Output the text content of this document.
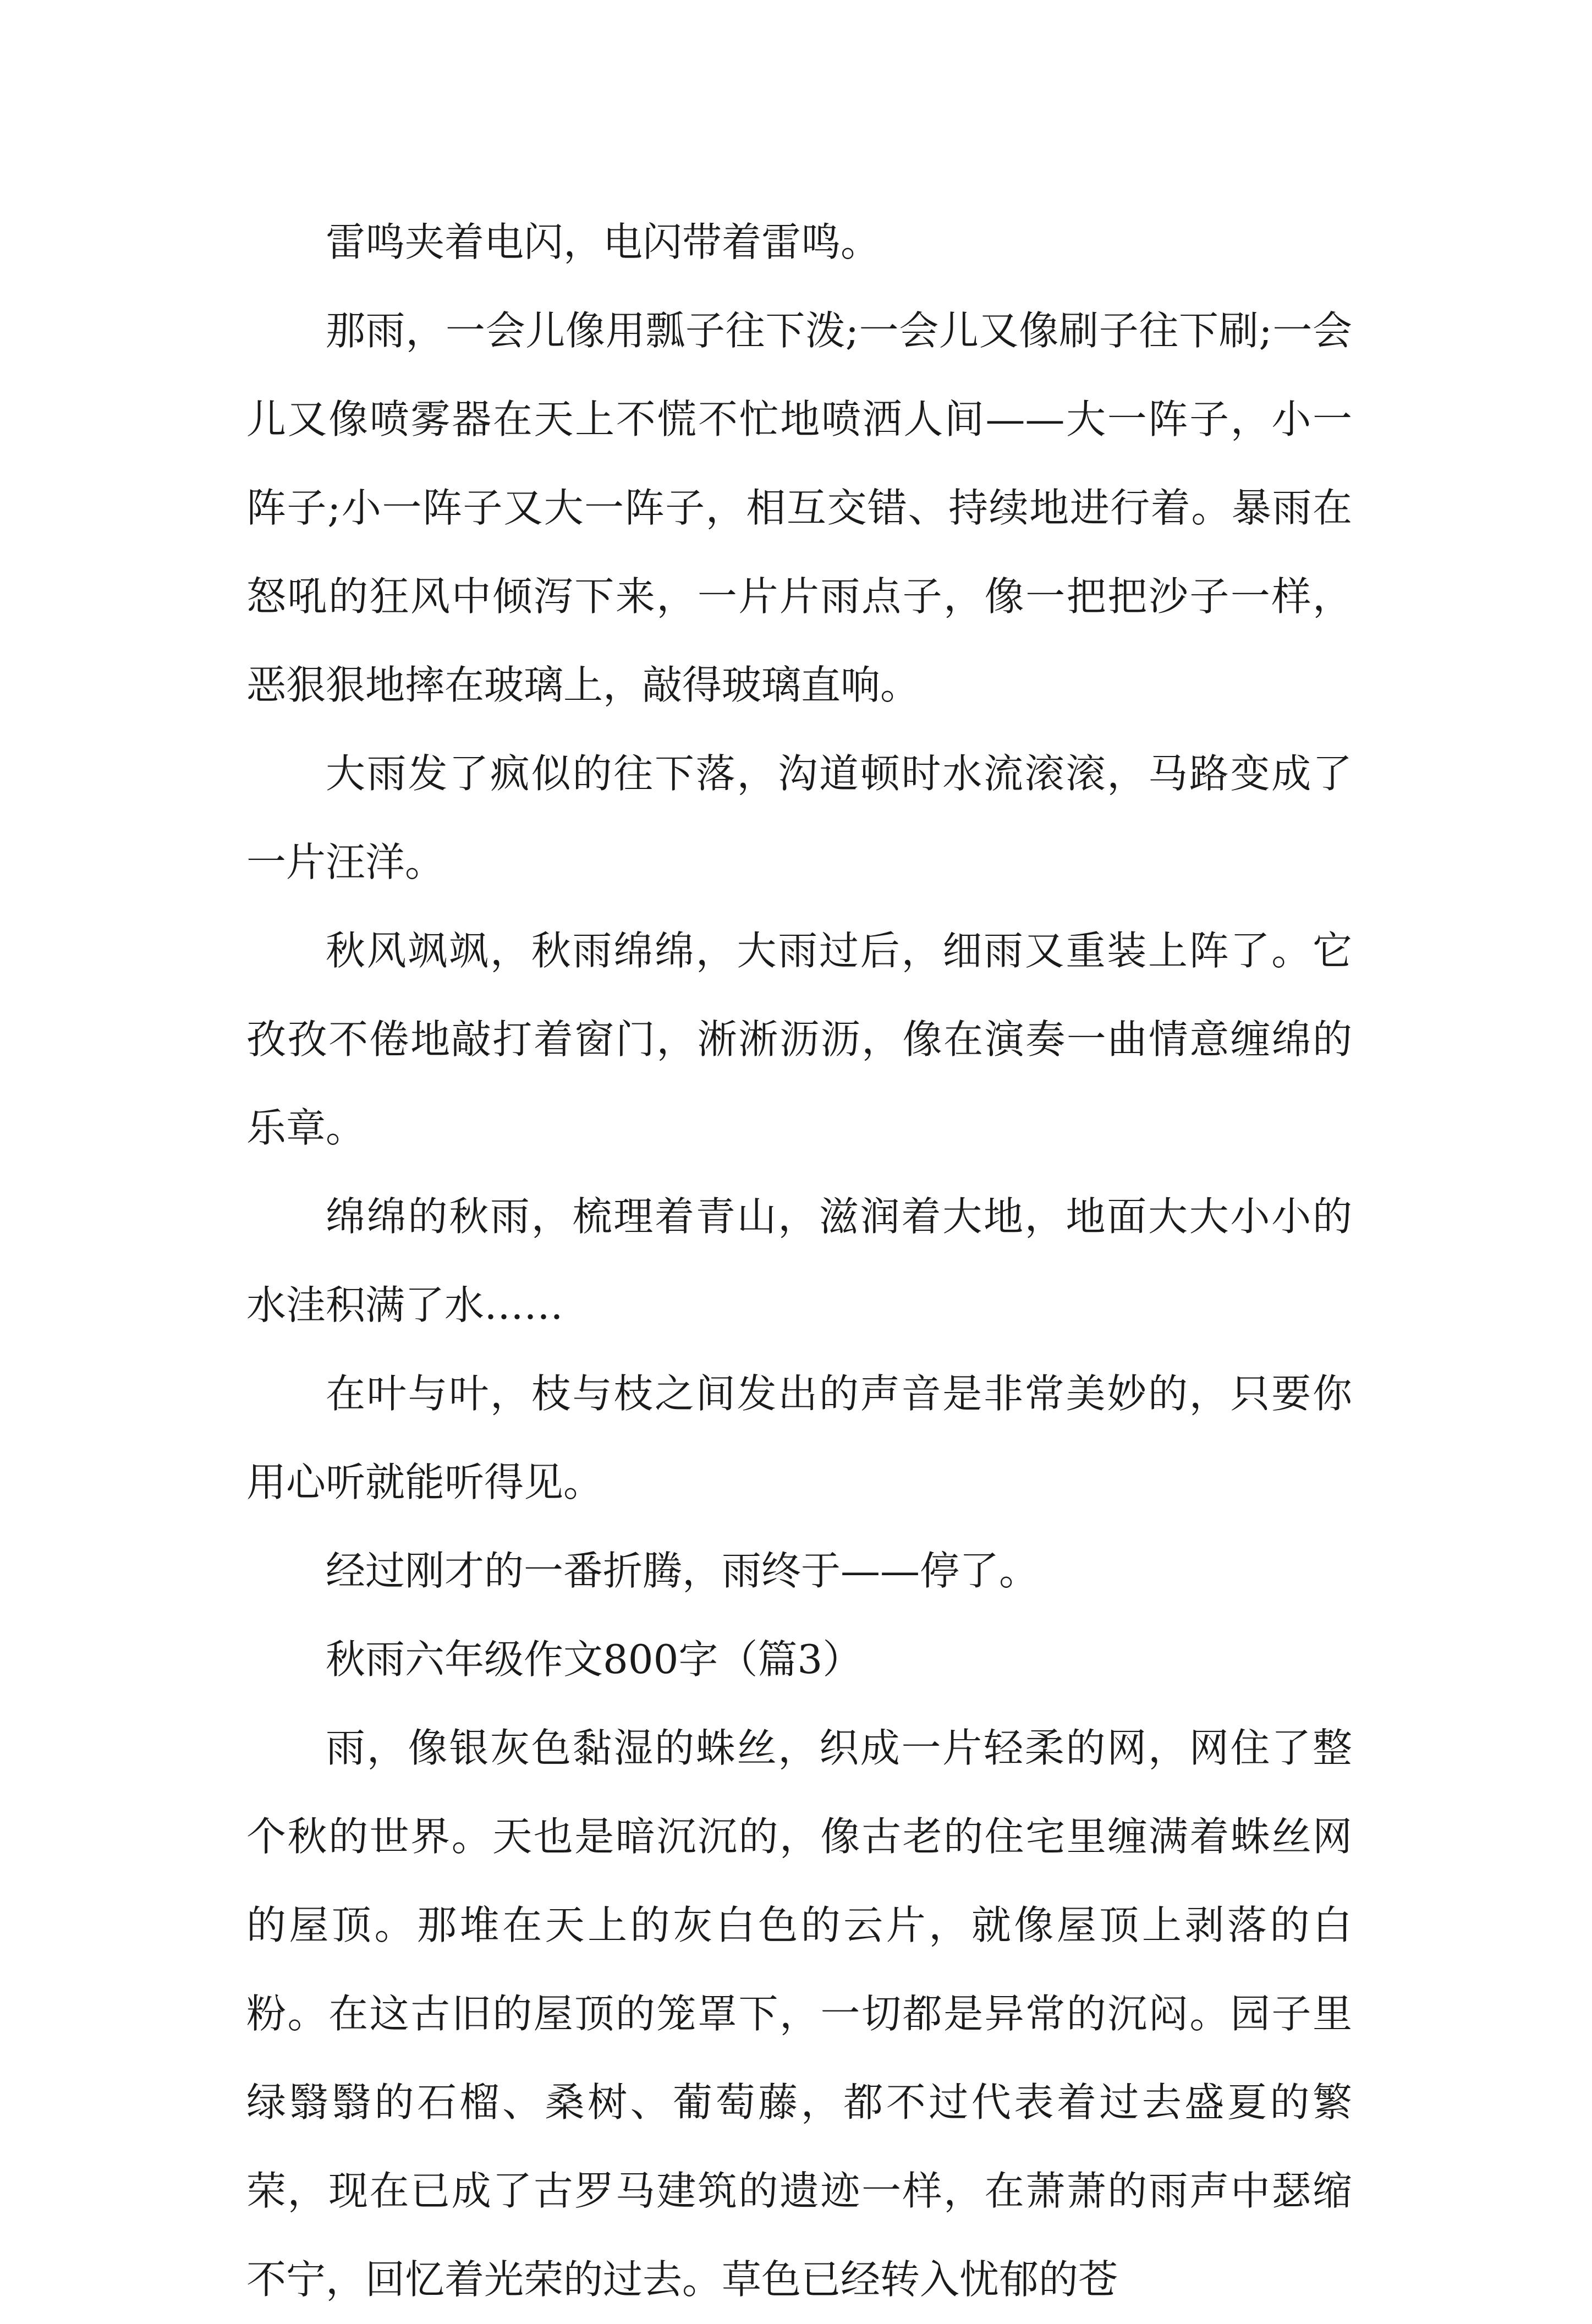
雷鸣夹着电闪，电闪带着雷鸣。

那雨，一会儿像用瓢子往下泼;一会儿又像刷子往下刷;一会儿又像喷雾器在天上不慌不忙地喷洒人间——大一阵子，小一阵子;小一阵子又大一阵子，相互交错、持续地进行着。暴雨在怒吼的狂风中倾泻下来，一片片雨点子，像一把把沙子一样，恶狠狠地摔在玻璃上，敲得玻璃直响。

大雨发了疯似的往下落，沟道顿时水流滚滚，马路变成了一片汪洋。

秋风飒飒，秋雨绵绵，大雨过后，细雨又重装上阵了。它孜孜不倦地敲打着窗门，淅淅沥沥，像在演奏一曲情意缠绵的乐章。

绵绵的秋雨，梳理着青山，滋润着大地，地面大大小小的水洼积满了水……

在叶与叶，枝与枝之间发出的声音是非常美妙的，只要你用心听就能听得见。

经过刚才的一番折腾，雨终于——停了。

秋雨六年级作文800字（篇3）

雨，像银灰色黏湿的蛛丝，织成一片轻柔的网，网住了整个秋的世界。天也是暗沉沉的，像古老的住宅里缠满着蛛丝网的屋顶。那堆在天上的灰白色的云片，就像屋顶上剥落的白粉。在这古旧的屋顶的笼罩下，一切都是异常的沉闷。园子里绿翳翳的石榴、桑树、葡萄藤，都不过代表着过去盛夏的繁荣，现在已成了古罗马建筑的遗迹一样，在萧萧的雨声中瑟缩不宁，回忆着光荣的过去。草色已经转入忧郁的苍
